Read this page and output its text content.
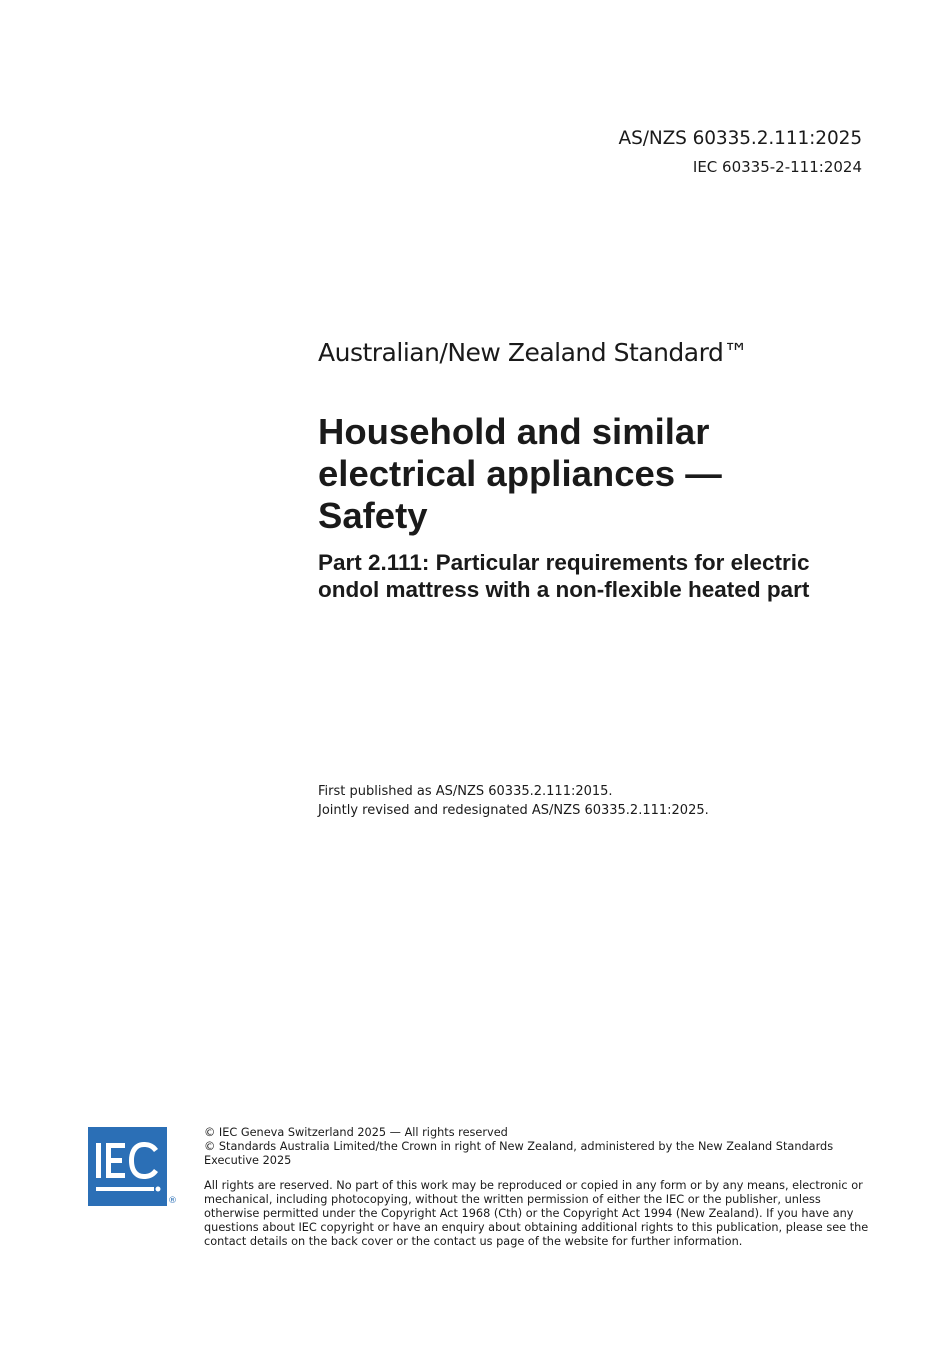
AS/NZS 60335.2.111:2025
IEC 60335-2-111:2024
Australian/New Zealand Standard™
Household and similar
electrical appliances —
Safety
Part 2.111: Particular requirements for electric
ondol mattress with a non-flexible heated part
First published as AS/NZS 60335.2.111:2015.
Jointly revised and redesignated AS/NZS 60335.2.111:2025.
®

© IEC Geneva Switzerland 2025 — All rights reserved

© Standards Australia Limited/the Crown in right of New Zealand, administered by the New Zealand Standards Executive 2025

All rights are reserved. No part of this work may be reproduced or copied in any form or by any means, electronic or mechanical, including photocopying, without the written permission of either the IEC or the publisher, unless otherwise permitted under the Copyright Act 1968 (Cth) or the Copyright Act 1994 (New Zealand). If you have any questions about IEC copyright or have an enquiry about obtaining additional rights to this publication, please see the contact details on the back cover or the contact us page of the website for further information.
